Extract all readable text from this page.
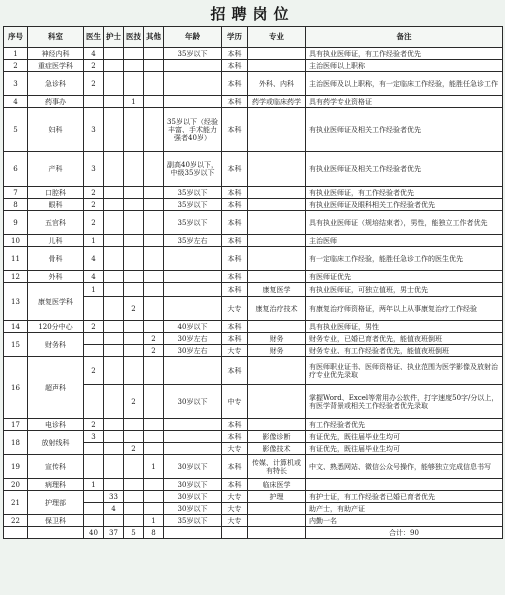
招聘岗位
序号	科室	医生	护士	医技	其他	年龄	学历	专业	备注
1	神经内科	4				35岁以下	本科		具有执业医师证，有工作经验者优先
2	重症医学科	2					本科		主治医师以上职称
3	急诊科	2					本科	外科、内科	主治医师及以上职称，有一定临床工作经验，能胜任急诊工作
4	药事办			1			本科	药学或临床药学	具有药学专业资格证
5	妇科	3				35岁以下（经验丰富、手术能力强者40岁）	本科		有执业医师证及相关工作经验者优先
6	产科	3				副高40岁以下，中级35岁以下	本科		有执业医师证及相关工作经验者优先
7	口腔科	2				35岁以下	本科		有执业医师证，有工作经验者优先
8	眼科	2				35岁以下	本科		有执业医师证及眼科相关工作经验者优先
9	五官科	2				35岁以下	本科		具有执业医师证（规培结束者），男性，能独立工作者优先
10	儿科	1				35岁左右	本科		主治医师
11	骨科	4					本科		有一定临床工作经验，能胜任急诊工作的医生优先
12	外科	4					本科		有医师证优先
13	康复医学科	1					本科	康复医学	有执业医师证，可独立值班，男士优先
				2			大专	康复治疗技术	有康复治疗师资格证，两年以上从事康复治疗工作经验
14	120分中心	2				40岁以下	本科		具有执业医师证，男性
15	财务科				2	30岁左右	本科	财务	财务专业，已婚已育者优先，能值夜班倒班
					2	30岁左右	大专	财务	财务专业、有工作经验者优先，能值夜班倒班
16	超声科	2					本科		有医师职业证书、医师资格证、执业范围为医学影像及放射治疗专业优先录取
				2		30岁以下	中专		掌握Word、Excel等常用办公软件，打字速度50字/分以上，有医学背景或相关工作经验者优先录取
17	电诊科	2					本科		有工作经验者优先
18	放射线科	3					本科	影像诊断	有证优先，既往届毕业生均可
				2			大专	影像技术	有证优先，既往届毕业生均可
19	宣传科				1	30岁以下	本科	传媒、计算机或有特长	中文、熟悉网站、微信公众号操作，能够独立完成信息书写
20	病理科	1				30岁以下	本科	临床医学	
21	护理部		33			30岁以下	大专	护理	有护士证，有工作经验者已婚已育者优先
			4			30岁以下	大专		助产士，有助产证
22	保卫科				1	35岁以下	大专		内勤一名
		40	37	5	8				合计：90
